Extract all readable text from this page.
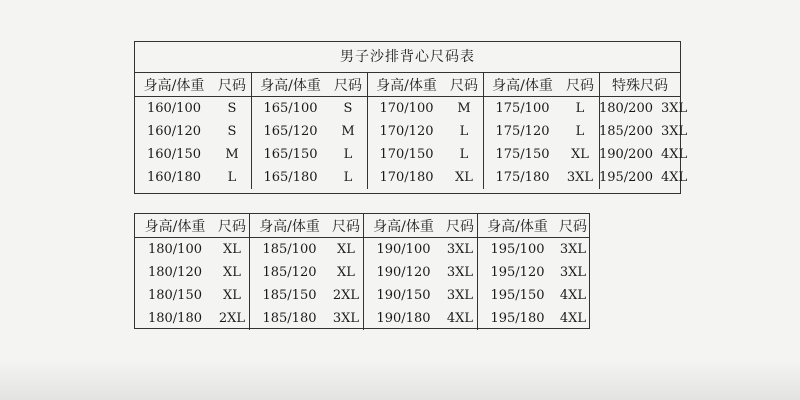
男子沙排背心尺码表
身高/体重 尺码	身高/体重 尺码	身高/体重 尺码	身高/体重 尺码	特殊尺码
160/100	S	165/100	S	170/100	M	175/100	L	180/200 3XL
160/120	S	165/120	M	170/120	L	175/120	L	185/200 3XL
160/150	M	165/150	L	170/150	L	175/150	XL 190/200 4XL
160/180	L	165/180	L	170/180	XL	175/180	3XL 195/200 4XL
身高/体重 尺码 身高/体重 尺码 身高/体重 尺码 身高/体重 尺码
180/100	XL	185/100	XL	190/100	3XL	195/100	3XL
180/120	XL	185/120	XL	190/120	3XL	195/120	3XL
180/150	XL	185/150	2XL	190/150	3XL	195/150	4XL
180/180	2XL	185/180	3XL	190/180	4XL	195/180	4XL
